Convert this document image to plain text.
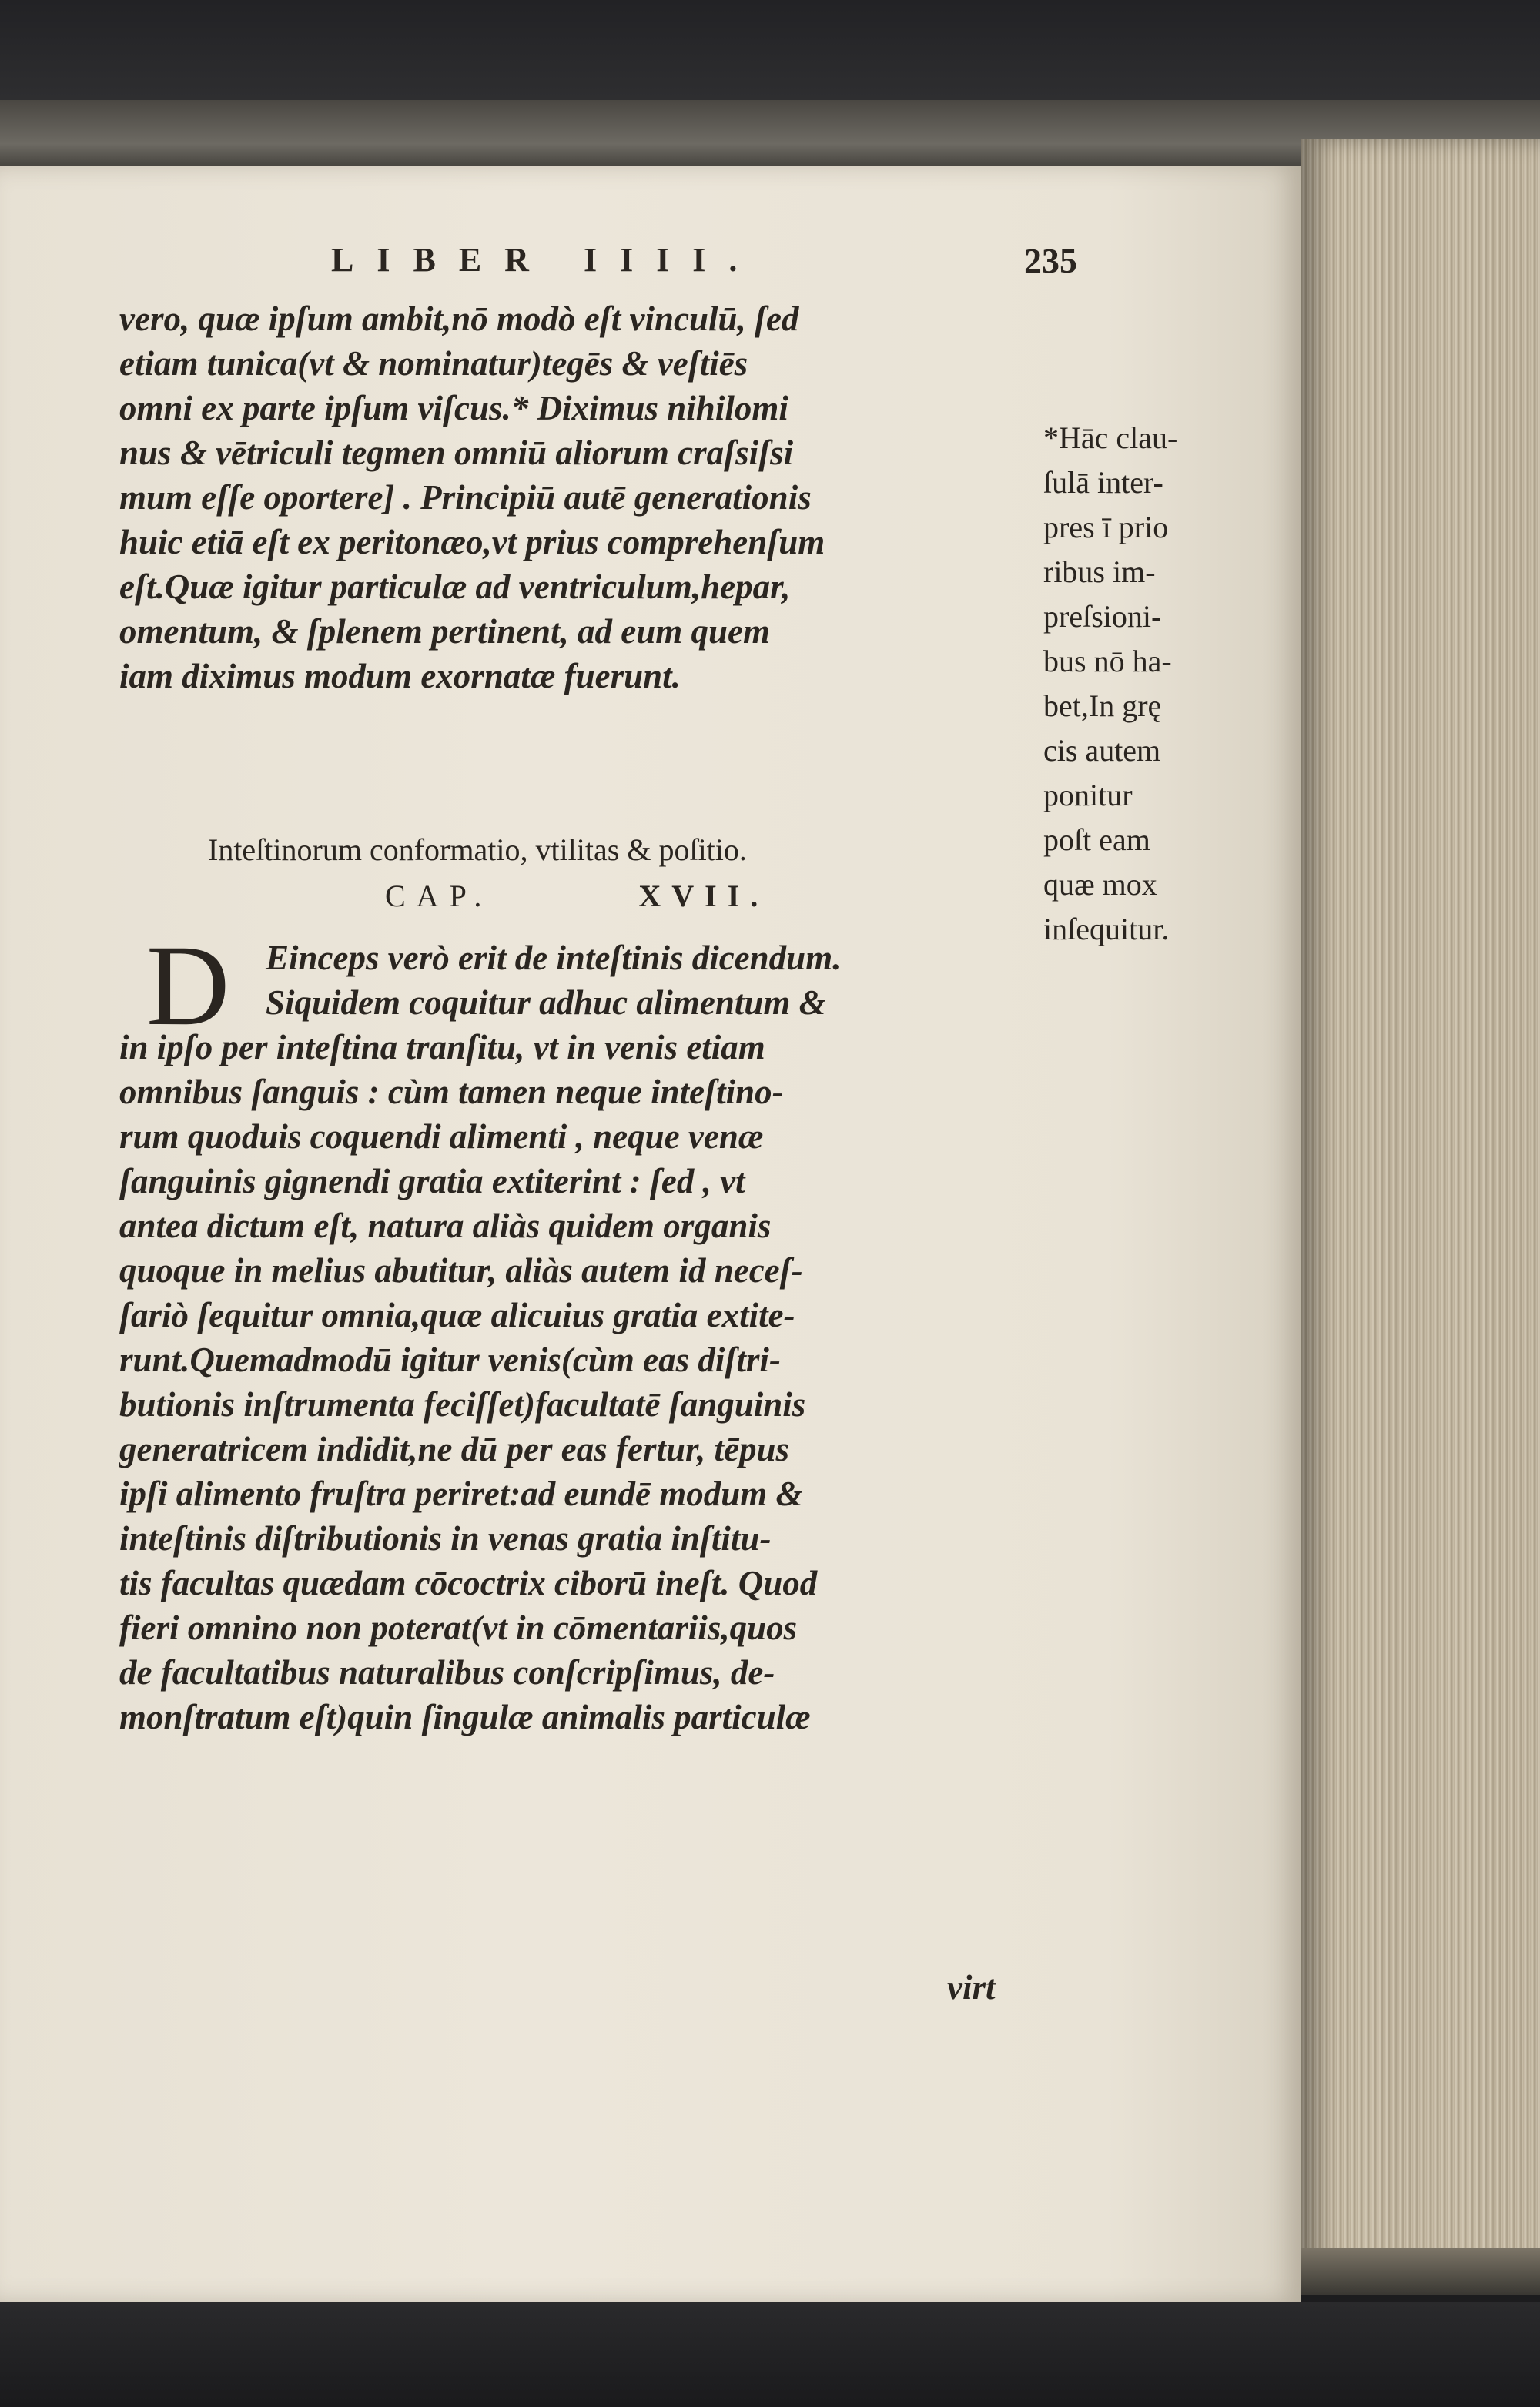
LIBER IIII.	235
vero, quæ ipſum ambit,nō modò eſt vinculū, ſed
etiam tunica(vt & nominatur)tegēs & veſtiēs
omni ex parte ipſum viſcus.* Diximus nihilomi
nus & vētriculi tegmen omniū aliorum craſsiſsi
mum eſſe oportere] . Principiū autē generationis
huic etiā eſt ex peritonæo,vt prius comprehenſum
eſt.Quæ igitur particulæ ad ventriculum,hepar,
omentum, & ſplenem pertinent, ad eum quem
iam diximus modum exornatæ fuerunt.
Inteſtinorum conformatio, vtilitas & poſitio.
CAP.	XVII.
D	Einceps verò erit de inteſtinis dicendum.
Siquidem coquitur adhuc alimentum &
in ipſo per inteſtina tranſitu, vt in venis etiam
omnibus ſanguis : cùm tamen neque inteſtino-
rum quoduis coquendi alimenti , neque venæ
ſanguinis gignendi gratia extiterint : ſed , vt
antea dictum eſt, natura aliàs quidem organis
quoque in melius abutitur, aliàs autem id neceſ-
ſariò ſequitur omnia,quæ alicuius gratia extite-
runt.Quemadmodū igitur venis(cùm eas diſtri-
butionis inſtrumenta feciſſet)facultatē ſanguinis
generatricem indidit,ne dū per eas fertur, tēpus
ipſi alimento fruſtra periret:ad eundē modum &
inteſtinis diſtributionis in venas gratia inſtitu-
tis facultas quædam cōcoctrix ciborū ineſt. Quod
fieri omnino non poterat(vt in cōmentariis,quos
de facultatibus naturalibus conſcripſimus, de-
monſtratum eſt)quin ſingulæ animalis particulæ
virt
*Hāc clau-
ſulā inter-
pres ī prio
ribus im-
preſsioni-
bus nō ha-
bet,In grę
cis autem
ponitur
poſt eam
quæ mox
inſequitur.
